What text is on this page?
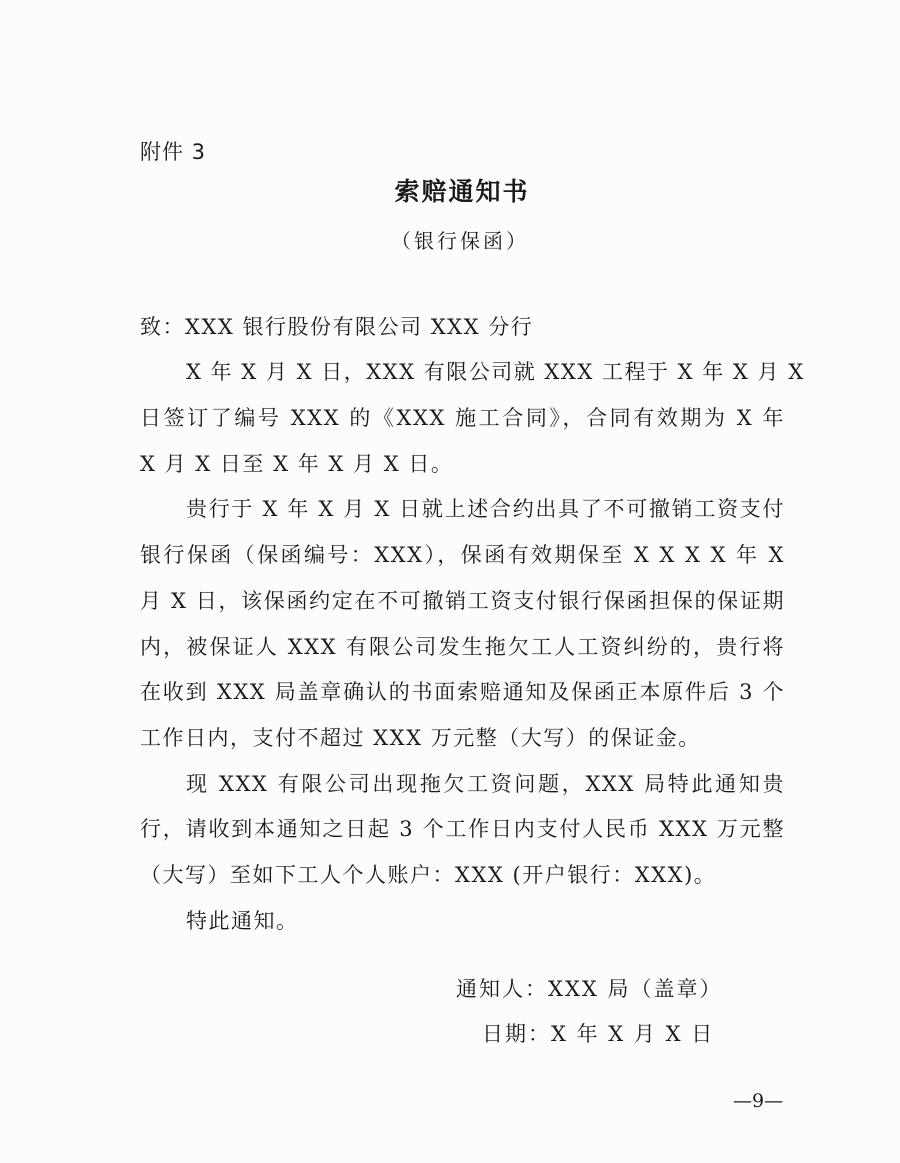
附件 3
索赔通知书
（银行保函）
致：XXX 银行股份有限公司 XXX 分行
X 年 X 月 X 日，XXX 有限公司就 XXX 工程于 X 年 X 月 X
日签订了编号 XXX 的《XXX 施工合同》，合同有效期为 X 年
X 月 X 日至 X 年 X 月 X 日。
贵行于 X 年 X 月 X 日就上述合约出具了不可撤销工资支付
银行保函（保函编号：XXX），保函有效期保至 X X X X 年 X
月 X 日，该保函约定在不可撤销工资支付银行保函担保的保证期
内，被保证人 XXX 有限公司发生拖欠工人工资纠纷的，贵行将
在收到 XXX 局盖章确认的书面索赔通知及保函正本原件后 3 个
工作日内，支付不超过 XXX 万元整（大写）的保证金。
现 XXX 有限公司出现拖欠工资问题，XXX 局特此通知贵
行，请收到本通知之日起 3 个工作日内支付人民币 XXX 万元整
（大写）至如下工人个人账户：XXX (开户银行：XXX)。
特此通知。
通知人：XXX 局（盖章）
日期：X 年 X 月 X 日
—9—
